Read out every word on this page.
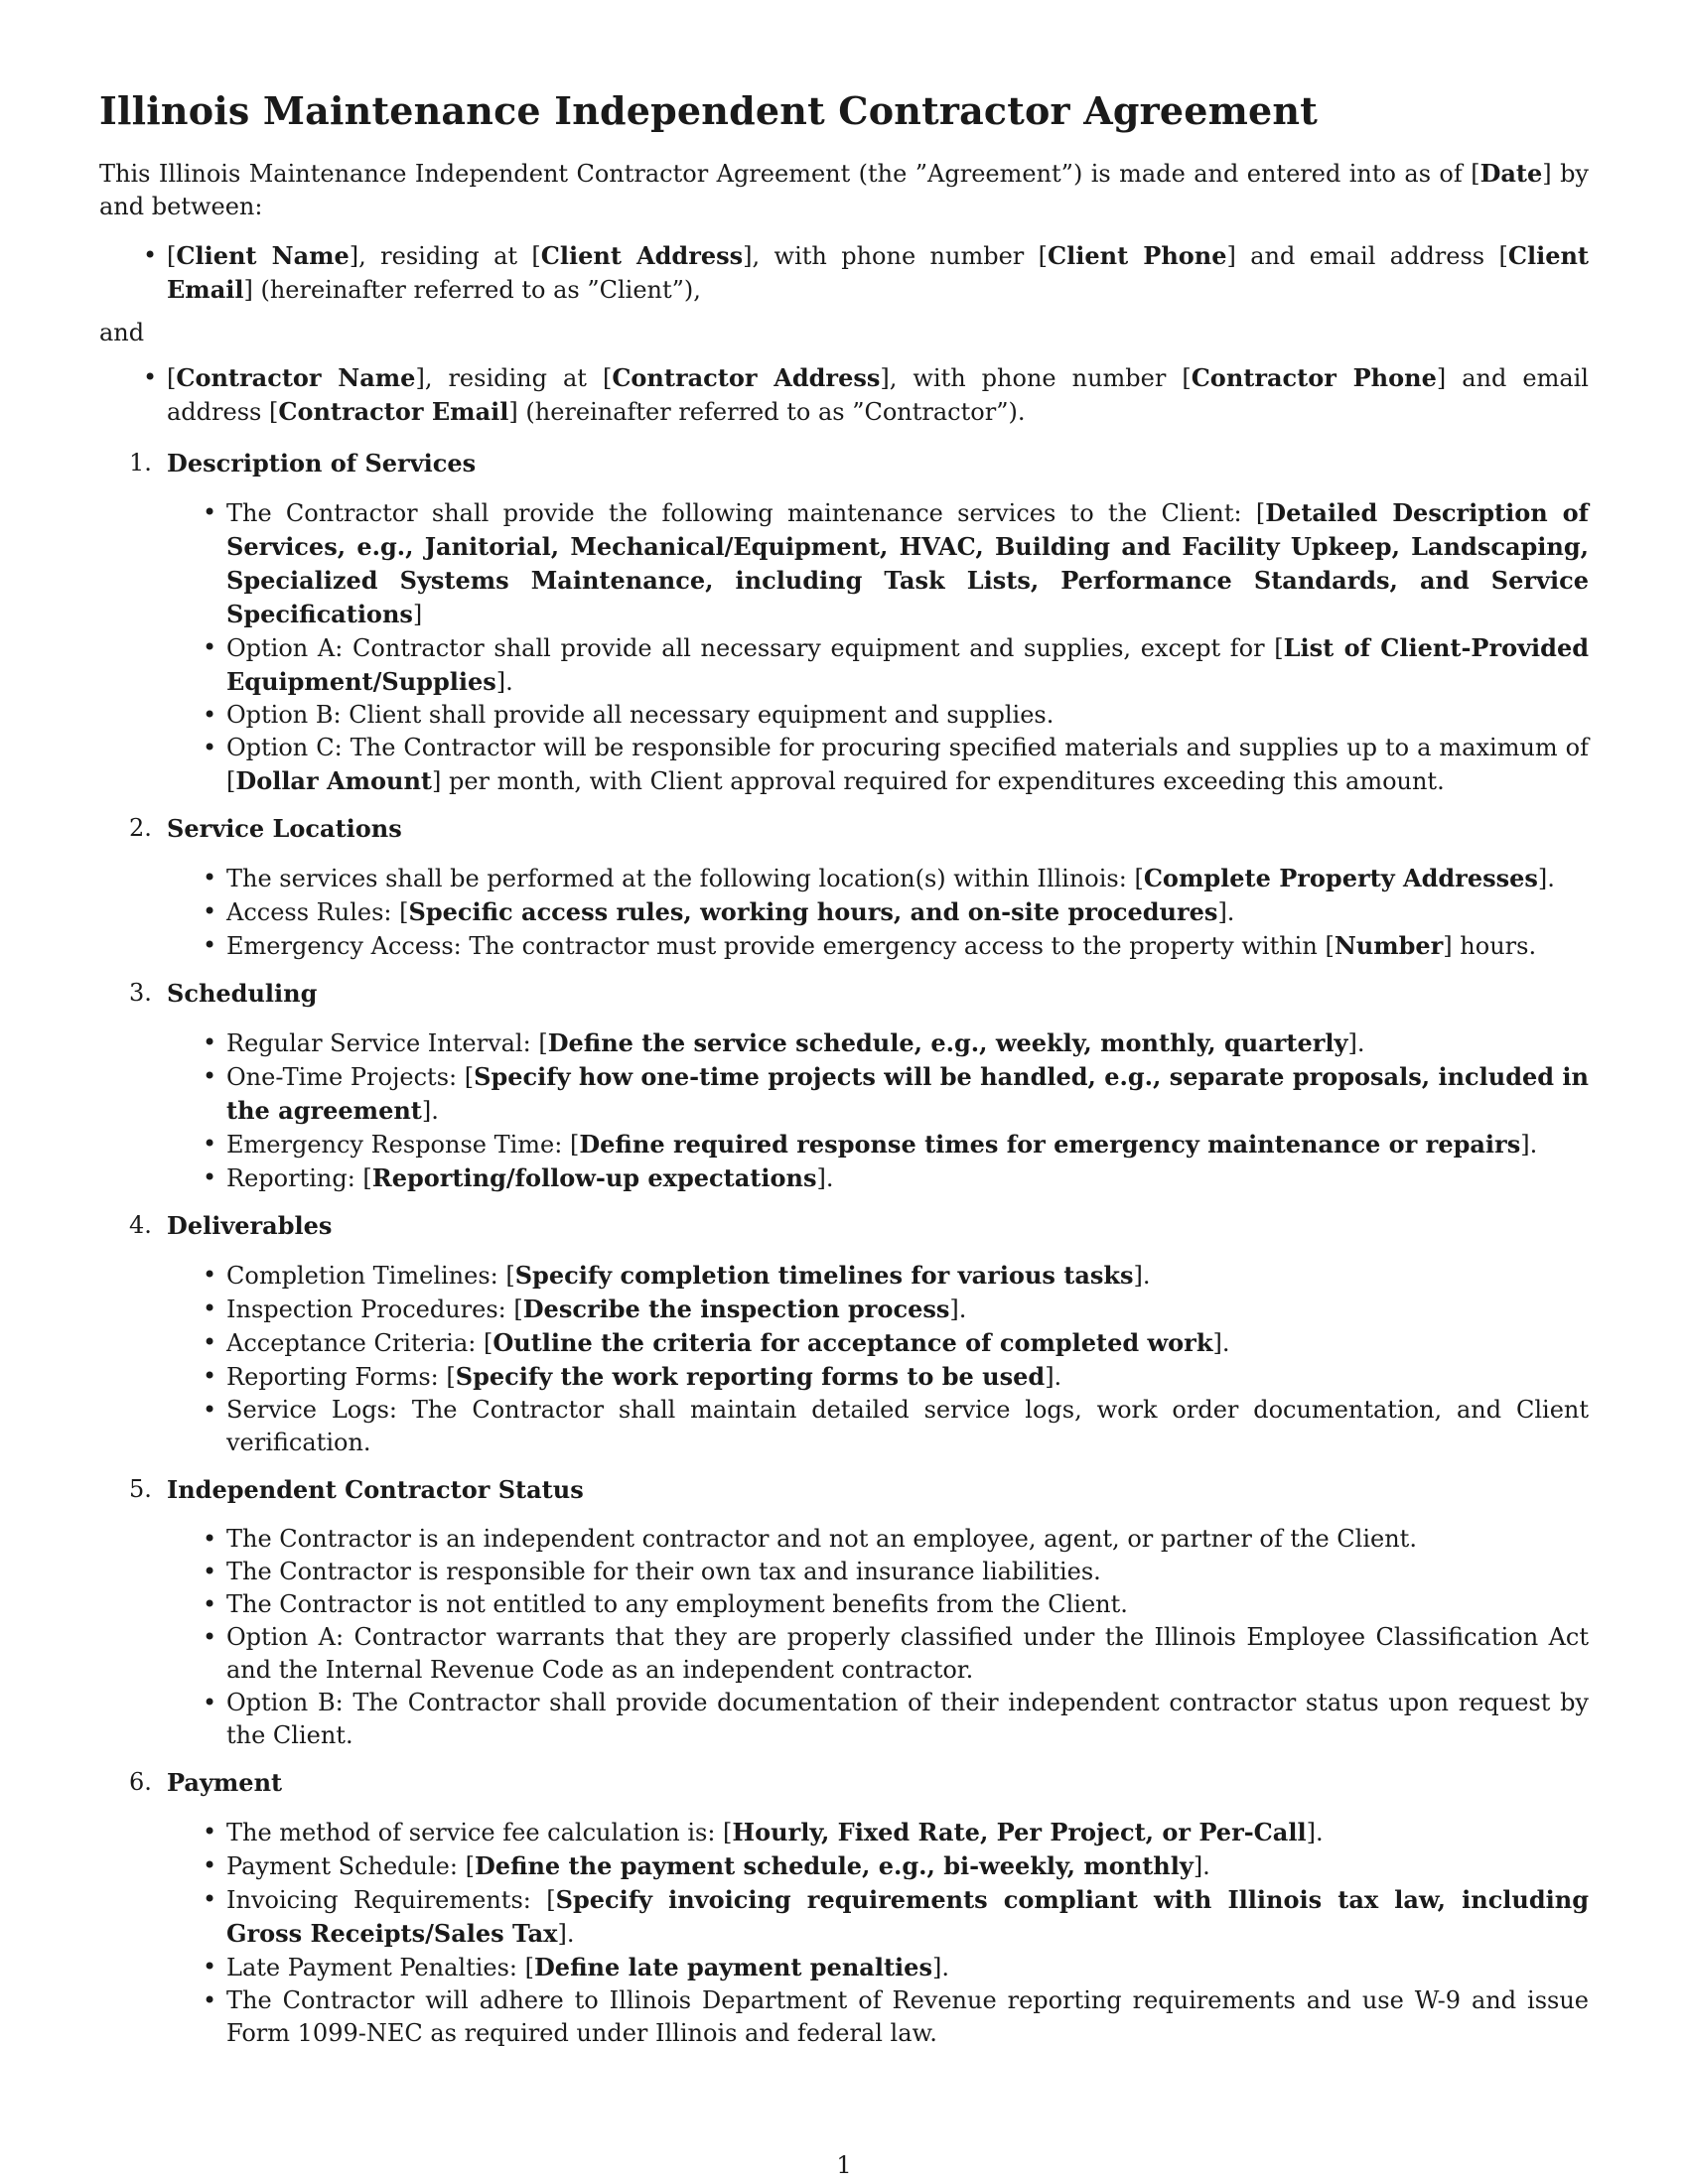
Illinois Maintenance Independent Contractor Agreement

This Illinois Maintenance Independent Contractor Agreement (the ”Agreement”) is made and entered into as of [Date] by and between:

• [Client Name], residing at [Client Address], with phone number [Client Phone] and email address [Client Email] (hereinafter referred to as ”Client”),

and

• [Contractor Name], residing at [Contractor Address], with phone number [Contractor Phone] and email address [Contractor Email] (hereinafter referred to as ”Contractor”).
1. Description of Services
• The Contractor shall provide the following maintenance services to the Client: [Detailed Description of Services, e.g., Janitorial, Mechanical/Equipment, HVAC, Building and Facility Upkeep, Landscaping, Specialized Systems Maintenance, including Task Lists, Performance Standards, and Service Specifications]
• Option A: Contractor shall provide all necessary equipment and supplies, except for [List of Client-Provided Equipment/Supplies].
• Option B: Client shall provide all necessary equipment and supplies.
• Option C: The Contractor will be responsible for procuring specified materials and supplies up to a maximum of [Dollar Amount] per month, with Client approval required for expenditures exceeding this amount.
2. Service Locations
• The services shall be performed at the following location(s) within Illinois: [Complete Property Addresses].
• Access Rules: [Specific access rules, working hours, and on-site procedures].
• Emergency Access: The contractor must provide emergency access to the property within [Number] hours.
3. Scheduling
• Regular Service Interval: [Define the service schedule, e.g., weekly, monthly, quarterly].
• One-Time Projects: [Specify how one-time projects will be handled, e.g., separate proposals, included in the agreement].
• Emergency Response Time: [Define required response times for emergency maintenance or repairs].
• Reporting: [Reporting/follow-up expectations].
4. Deliverables
• Completion Timelines: [Specify completion timelines for various tasks].
• Inspection Procedures: [Describe the inspection process].
• Acceptance Criteria: [Outline the criteria for acceptance of completed work].
• Reporting Forms: [Specify the work reporting forms to be used].
• Service Logs: The Contractor shall maintain detailed service logs, work order documentation, and Client verification.
5. Independent Contractor Status
• The Contractor is an independent contractor and not an employee, agent, or partner of the Client.
• The Contractor is responsible for their own tax and insurance liabilities.
• The Contractor is not entitled to any employment benefits from the Client.
• Option A: Contractor warrants that they are properly classified under the Illinois Employee Classification Act and the Internal Revenue Code as an independent contractor.
• Option B: The Contractor shall provide documentation of their independent contractor status upon request by the Client.
6. Payment
• The method of service fee calculation is: [Hourly, Fixed Rate, Per Project, or Per-Call].
• Payment Schedule: [Define the payment schedule, e.g., bi-weekly, monthly].
• Invoicing Requirements: [Specify invoicing requirements compliant with Illinois tax law, including Gross Receipts/Sales Tax].
• Late Payment Penalties: [Define late payment penalties].
• The Contractor will adhere to Illinois Department of Revenue reporting requirements and use W-9 and issue Form 1099-NEC as required under Illinois and federal law.
1
